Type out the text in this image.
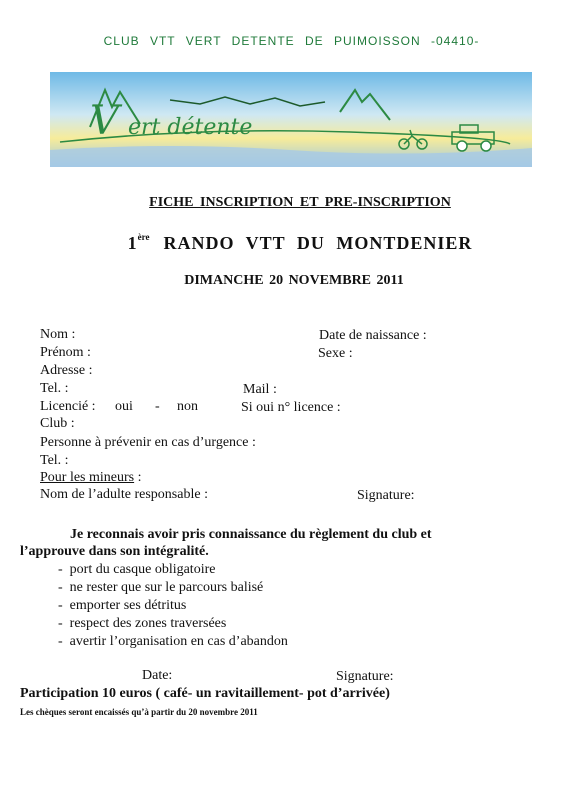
CLUB VTT VERT DETENTE DE PUIMOISSON -04410-
V ert détente
FICHE INSCRIPTION ET PRE-INSCRIPTION
1ère RANDO VTT DU MONTDENIER
DIMANCHE 20 NOVEMBRE 2011
Nom :	Date de naissance :
Prénom :	Sexe :
Adresse :
Tel. :	Mail :
Licencié : oui - non	Si oui n° licence :
Club :
Personne à prévenir en cas d’urgence :
Tel. :
Pour les mineurs :
Nom de l’adulte responsable :	Signature:
Je reconnais avoir pris connaissance du règlement du club et
l’approuve dans son intégralité.
- port du casque obligatoire
- ne rester que sur le parcours balisé
- emporter ses détritus
- respect des zones traversées
- avertir l’organisation en cas d’abandon
Date:	Signature:
Participation 10 euros ( café- un ravitaillement- pot d’arrivée)
Les chèques seront encaissés qu’à partir du 20 novembre 2011
